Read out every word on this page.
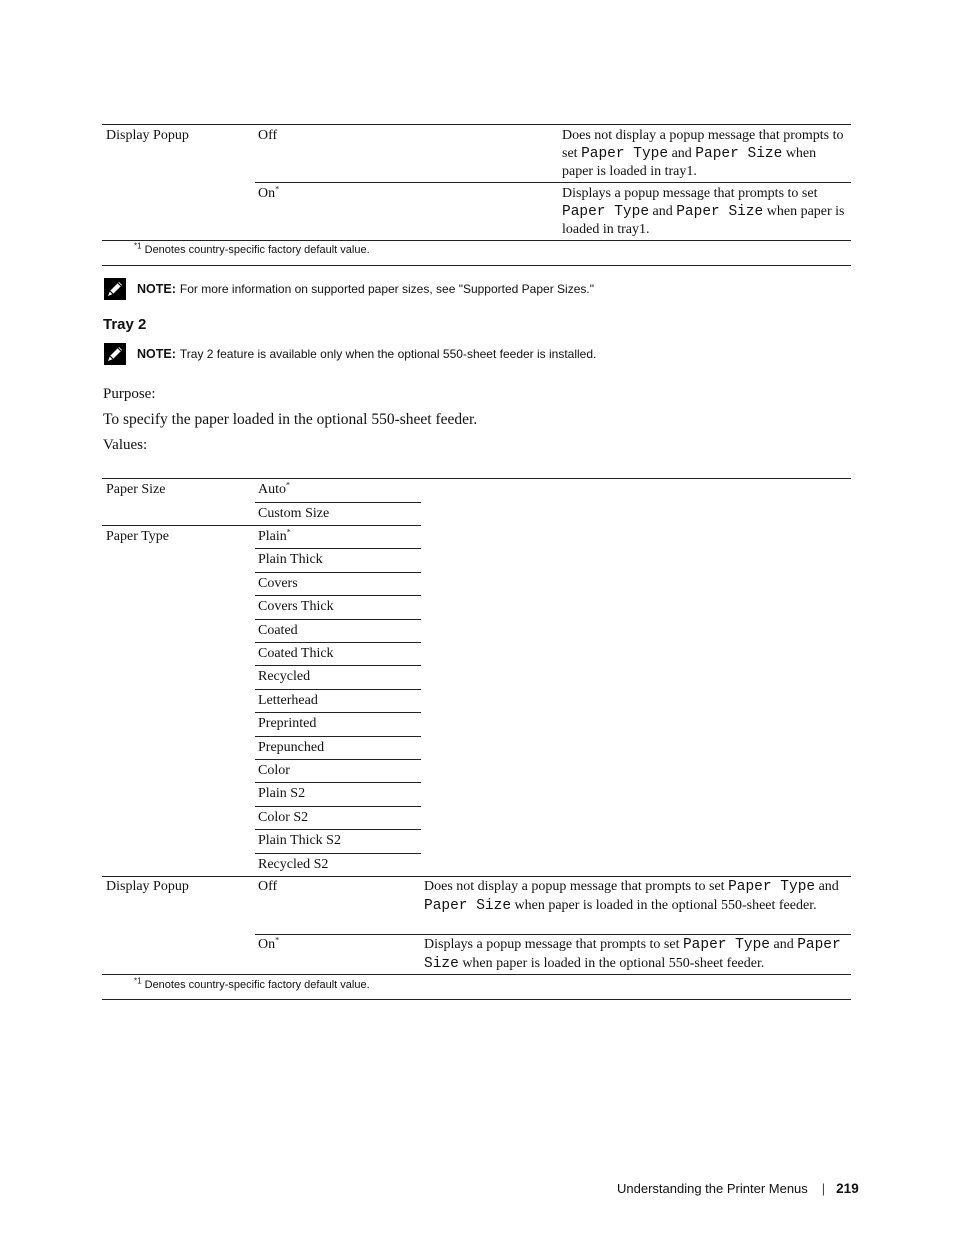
Display Popup	Off	Does not display a popup message that prompts to set Paper Type and Paper Size when paper is loaded in tray1.
On*	Displays a popup message that prompts to set Paper Type and Paper Size when paper is loaded in tray1.
$^{*1}$ Denotes country-specific factory default value.
NOTE: For more information on supported paper sizes, see "Supported Paper Sizes."
Tray 2
NOTE: Tray 2 feature is available only when the optional 550-sheet feeder is installed.
Purpose:
To specify the paper loaded in the optional 550-sheet feeder.
Values:
Paper Size	Auto*
Custom Size
Paper Type	Plain*
Plain Thick
Covers
Covers Thick
Coated
Coated Thick
Recycled
Letterhead
Preprinted
Prepunched
Color
Plain S2
Color S2
Plain Thick S2
Recycled S2
Display Popup	Off	Does not display a popup message that prompts to set Paper Type and Paper Size when paper is loaded in the optional 550-sheet feeder.
On*	Displays a popup message that prompts to set Paper Type and Paper Size when paper is loaded in the optional 550-sheet feeder.
$^{*1}$ Denotes country-specific factory default value.
Understanding the Printer Menus | 219
